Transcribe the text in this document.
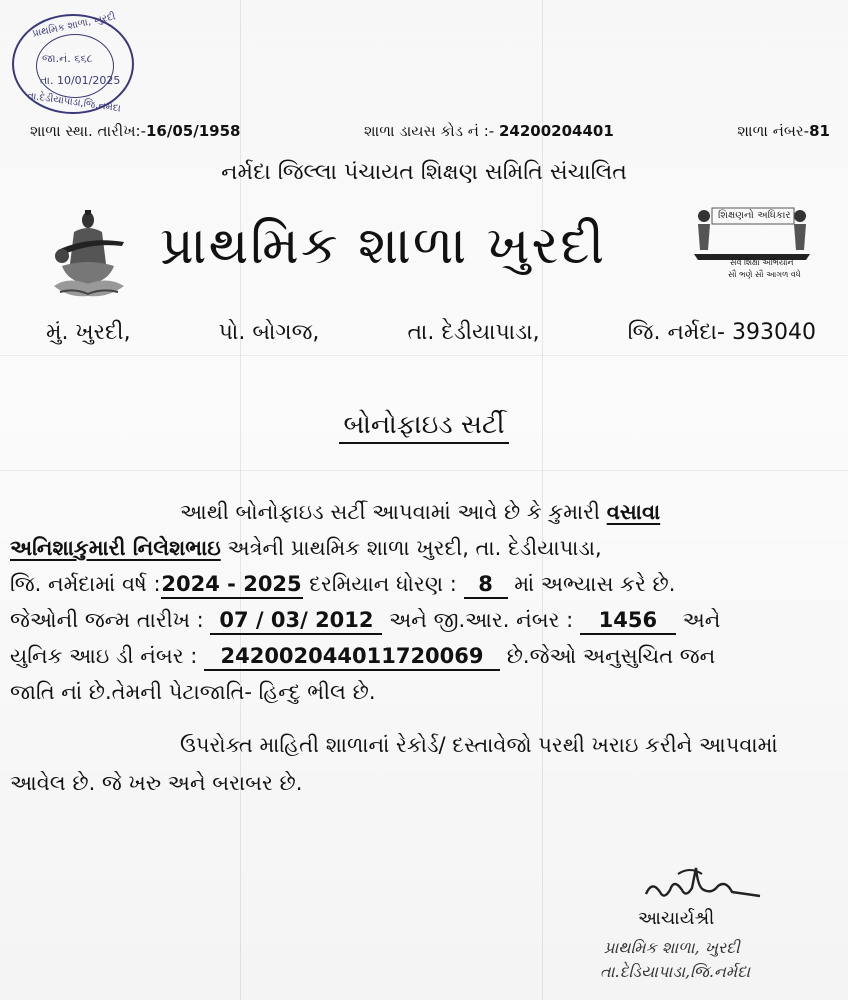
પ્રાથમિક શાળા, ખુરદી
જા.નં. ૬૬૮
તા. 10/01/2025
તા.દેડીયાપાડા,જિ.નર્મદા
શાળા સ્થા. તારીખ:-16/05/1958	શાળા ડાયસ કોડ નં :- 24200204401	શાળા નંબર-81
નર્મદા જિલ્લા પંચાયત શિક્ષણ સમિતિ સંચાલિત
પ્રાથમિક શાળા ખુરદી
શિક્ષણનો અધિકાર
સર્વ શિક્ષા અભિયાન
સૌ ભણે સૌ આગળ વધે
મું. ખુરદી,	પો. બોગજ,	તા. દેડીયાપાડા,	જિ. નર્મદા- 393040
બોનોફાઇડ સર્ટી
આથી બોનોફાઇડ સર્ટી આપવામાં આવે છે કે કુમારી વસાવા
અનિશાકુમારી નિલેશભાઇ અત્રેની પ્રાથમિક શાળા ખુરદી, તા. દેડીયાપાડા,
જિ. નર્મદામાં વર્ષ :2024 - 2025 દરમિયાન ધોરણ : 8 માં અભ્યાસ કરે છે.
જેઓની જન્મ તારીખ : 07 / 03/ 2012 અને જી.આર. નંબર : 1456 અને
યુનિક આઇ ડી નંબર : 242002044011720069 છે.જેઓ અનુસુચિત જન
જાતિ નાં છે.તેમની પેટાજાતિ- હિન્દુ ભીલ છે.
ઉપરોક્ત માહિતી શાળાનાં રેકોર્ડ/ દસ્તાવેજો પરથી ખરાઇ કરીને આપવામાં આવેલ છે. જે ખરુ અને બરાબર છે.
આચાર્યશ્રી
પ્રાથમિક શાળા, ખુરદી
તા.દેડિયાપાડા,જિ.નર્મદા
